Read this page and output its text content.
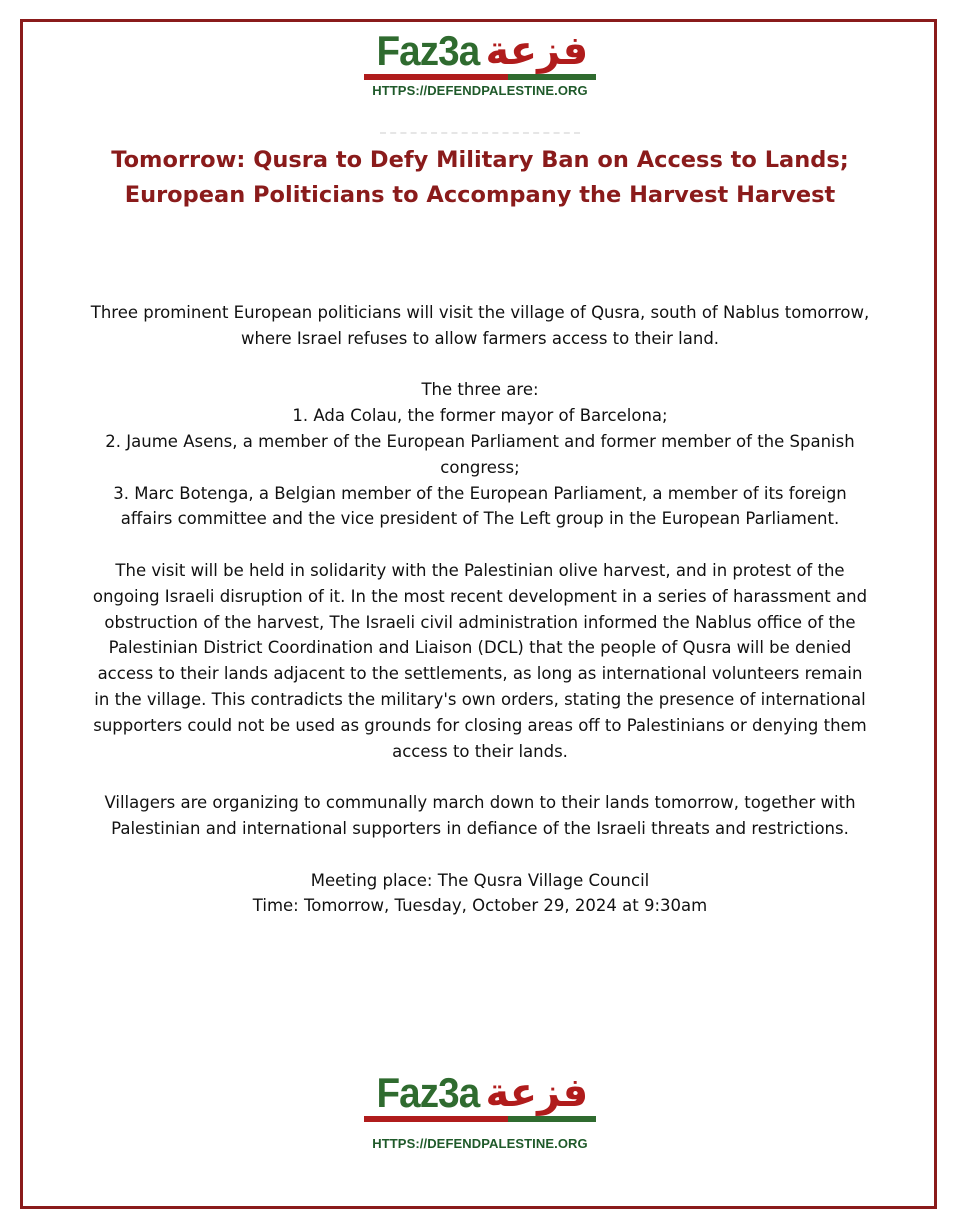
Faz3a فزعة
HTTPS://DEFENDPALESTINE.ORG
Tomorrow: Qusra to Defy Military Ban on Access to Lands; European Politicians to Accompany the Harvest Harvest

Three prominent European politicians will visit the village of Qusra, south of Nablus tomorrow, where Israel refuses to allow farmers access to their land.

The three are:

1. Ada Colau, the former mayor of Barcelona;
2. Jaume Asens, a member of the European Parliament and former member of the Spanish congress;
3. Marc Botenga, a Belgian member of the European Parliament, a member of its foreign affairs committee and the vice president of The Left group in the European Parliament.

The visit will be held in solidarity with the Palestinian olive harvest, and in protest of the ongoing Israeli disruption of it. In the most recent development in a series of harassment and obstruction of the harvest, The Israeli civil administration informed the Nablus office of the Palestinian District Coordination and Liaison (DCL) that the people of Qusra will be denied access to their lands adjacent to the settlements, as long as international volunteers remain in the village. This contradicts the military's own orders, stating the presence of international supporters could not be used as grounds for closing areas off to Palestinians or denying them access to their lands.

Villagers are organizing to communally march down to their lands tomorrow, together with Palestinian and international supporters in defiance of the Israeli threats and restrictions.

Meeting place: The Qusra Village Council

Time: Tomorrow, Tuesday, October 29, 2024 at 9:30am

Faz3a فزعة
HTTPS://DEFENDPALESTINE.ORG
